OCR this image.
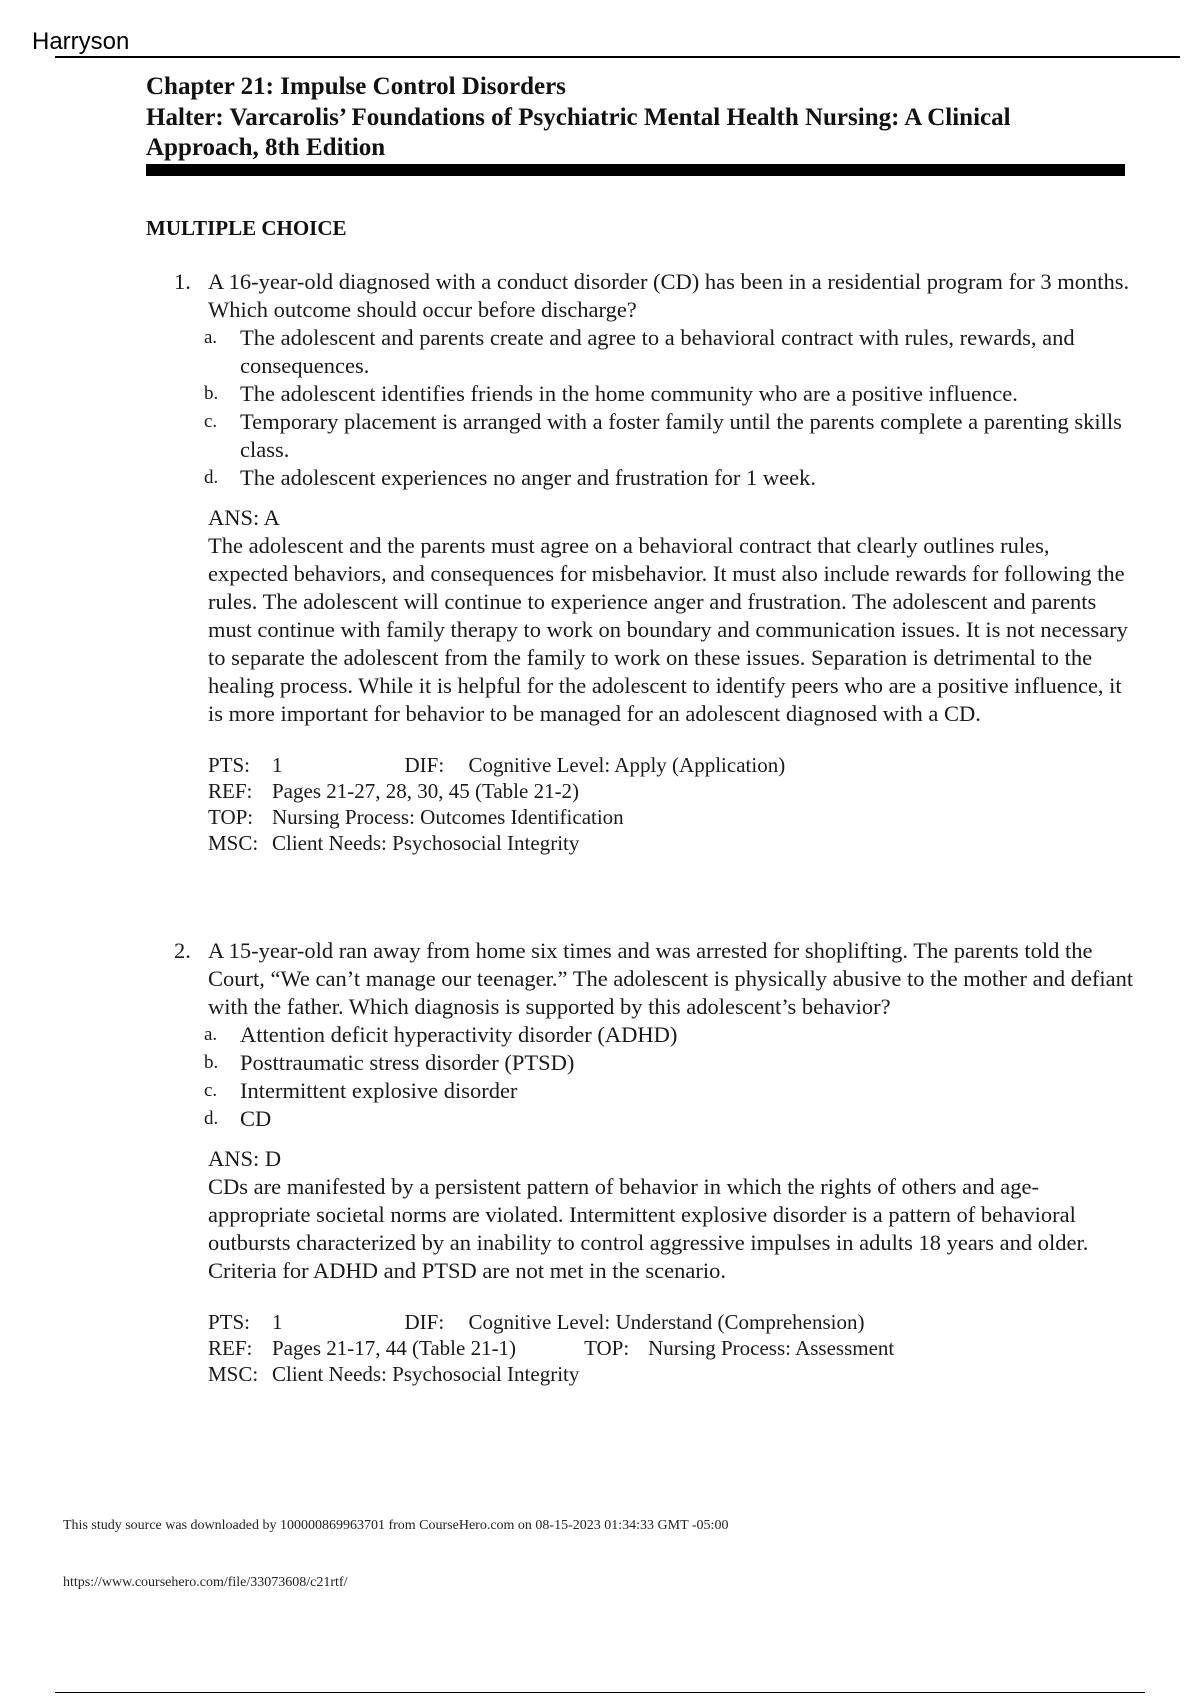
Harryson
Chapter 21: Impulse Control Disorders
Halter: Varcarolis’ Foundations of Psychiatric Mental Health Nursing: A Clinical
Approach, 8th Edition
MULTIPLE CHOICE
1. A 16-year-old diagnosed with a conduct disorder (CD) has been in a residential program for 3 months. Which outcome should occur before discharge?
a. The adolescent and parents create and agree to a behavioral contract with rules, rewards, and consequences.
b. The adolescent identifies friends in the home community who are a positive influence.
c. Temporary placement is arranged with a foster family until the parents complete a parenting skills class.
d. The adolescent experiences no anger and frustration for 1 week.
ANS: A
The adolescent and the parents must agree on a behavioral contract that clearly outlines rules, expected behaviors, and consequences for misbehavior. It must also include rewards for following the rules. The adolescent will continue to experience anger and frustration. The adolescent and parents must continue with family therapy to work on boundary and communication issues. It is not necessary to separate the adolescent from the family to work on these issues. Separation is detrimental to the healing process. While it is helpful for the adolescent to identify peers who are a positive influence, it is more important for behavior to be managed for an adolescent diagnosed with a CD.
PTS: 1	DIF: Cognitive Level: Apply (Application)
REF: Pages 21-27, 28, 30, 45 (Table 21-2)
TOP: Nursing Process: Outcomes Identification
MSC: Client Needs: Psychosocial Integrity
2. A 15-year-old ran away from home six times and was arrested for shoplifting. The parents told the Court, “We can’t manage our teenager.” The adolescent is physically abusive to the mother and defiant with the father. Which diagnosis is supported by this adolescent’s behavior?
a. Attention deficit hyperactivity disorder (ADHD)
b. Posttraumatic stress disorder (PTSD)
c. Intermittent explosive disorder
d. CD
ANS: D
CDs are manifested by a persistent pattern of behavior in which the rights of others and age-appropriate societal norms are violated. Intermittent explosive disorder is a pattern of behavioral outbursts characterized by an inability to control aggressive impulses in adults 18 years and older. Criteria for ADHD and PTSD are not met in the scenario.
PTS: 1	DIF: Cognitive Level: Understand (Comprehension)
REF: Pages 21-17, 44 (Table 21-1)	TOP: Nursing Process: Assessment
MSC: Client Needs: Psychosocial Integrity
This study source was downloaded by 100000869963701 from CourseHero.com on 08-15-2023 01:34:33 GMT -05:00
https://www.coursehero.com/file/33073608/c21rtf/
